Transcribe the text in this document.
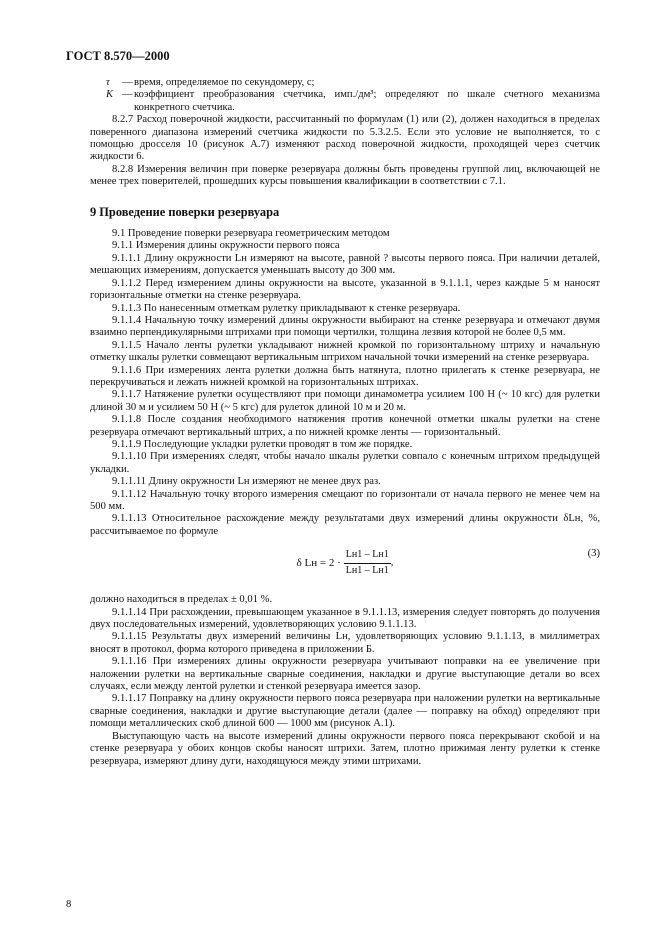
ГОСТ 8.570—2000
τ	— время, определяемое по секундомеру, с;
K — коэффициент преобразования счетчика, имп./дм³; определяют по шкале счетного механизма конкретного счетчика.

8.2.7 Расход поверочной жидкости, рассчитанный по формулам (1) или (2), должен находиться в пределах поверенного диапазона измерений счетчика жидкости по 5.3.2.5. Если это условие не выполняется, то с помощью дросселя 10 (рисунок А.7) изменяют расход поверочной жидкости, проходящей через счетчик жидкости 6.

8.2.8 Измерения величин при поверке резервуара должны быть проведены группой лиц, включающей не менее трех поверителей, прошедших курсы повышения квалификации в соответствии с 7.1.

9 Проведение поверки резервуара

9.1 Проведение поверки резервуара геометрическим методом

9.1.1 Измерения длины окружности первого пояса

9.1.1.1 Длину окружности Lн измеряют на высоте, равной ? высоты первого пояса. При наличии деталей, мешающих измерениям, допускается уменьшать высоту до 300 мм.

9.1.1.2 Перед измерением длины окружности на высоте, указанной в 9.1.1.1, через каждые 5 м наносят горизонтальные отметки на стенке резервуара.

9.1.1.3 По нанесенным отметкам рулетку прикладывают к стенке резервуара.

9.1.1.4 Начальную точку измерений длины окружности выбирают на стенке резервуара и отмечают двумя взаимно перпендикулярными штрихами при помощи чертилки, толщина лезвия которой не более 0,5 мм.

9.1.1.5 Начало ленты рулетки укладывают нижней кромкой по горизонтальному штриху и начальную отметку шкалы рулетки совмещают вертикальным штрихом начальной точки измерений на стенке резервуара.

9.1.1.6 При измерениях лента рулетки должна быть натянута, плотно прилегать к стенке резервуара, не перекручиваться и лежать нижней кромкой на горизонтальных штрихах.

9.1.1.7 Натяжение рулетки осуществляют при помощи динамометра усилием 100 Н (~ 10 кгс) для рулетки длиной 30 м и усилием 50 Н (~ 5 кгс) для рулеток длиной 10 м и 20 м.

9.1.1.8 После создания необходимого натяжения против конечной отметки шкалы рулетки на стене резервуара отмечают вертикальный штрих, а по нижней кромке ленты — горизонтальный.

9.1.1.9 Последующие укладки рулетки проводят в том же порядке.

9.1.1.10 При измерениях следят, чтобы начало шкалы рулетки совпало с конечным штрихом предыдущей укладки.

9.1.1.11 Длину окружности Lн измеряют не менее двух раз.

9.1.1.12 Начальную точку второго измерения смещают по горизонтали от начала первого не менее чем на 500 мм.

9.1.1.13 Относительное расхождение между результатами двух измерений длины окружности δLн, %, рассчитываемое по формуле

δ Lн = $2 \cdot \frac{Lн1 - Lн1}{Lн1 - Lн1}$ ,
(3)

должно находиться в пределах ± 0,01 %.

9.1.1.14 При расхождении, превышающем указанное в 9.1.1.13, измерения следует повторять до получения двух последовательных измерений, удовлетворяющих условию 9.1.1.13.

9.1.1.15 Результаты двух измерений величины Lн, удовлетворяющих условию 9.1.1.13, в миллиметрах вносят в протокол, форма которого приведена в приложении Б.

9.1.1.16 При измерениях длины окружности резервуара учитывают поправки на ее увеличение при наложении рулетки на вертикальные сварные соединения, накладки и другие выступающие детали во всех случаях, если между лентой рулетки и стенкой резервуара имеется зазор.

9.1.1.17 Поправку на длину окружности первого пояса резервуара при наложении рулетки на вертикальные сварные соединения, накладки и другие выступающие детали (далее — поправку на обход) определяют при помощи металлических скоб длиной 600 — 1000 мм (рисунок А.1).

Выступающую часть на высоте измерений длины окружности первого пояса перекрывают скобой и на стенке резервуара у обоих концов скобы наносят штрихи. Затем, плотно прижимая ленту рулетки к стенке резервуара, измеряют длину дуги, находящуюся между этими штрихами.

8
